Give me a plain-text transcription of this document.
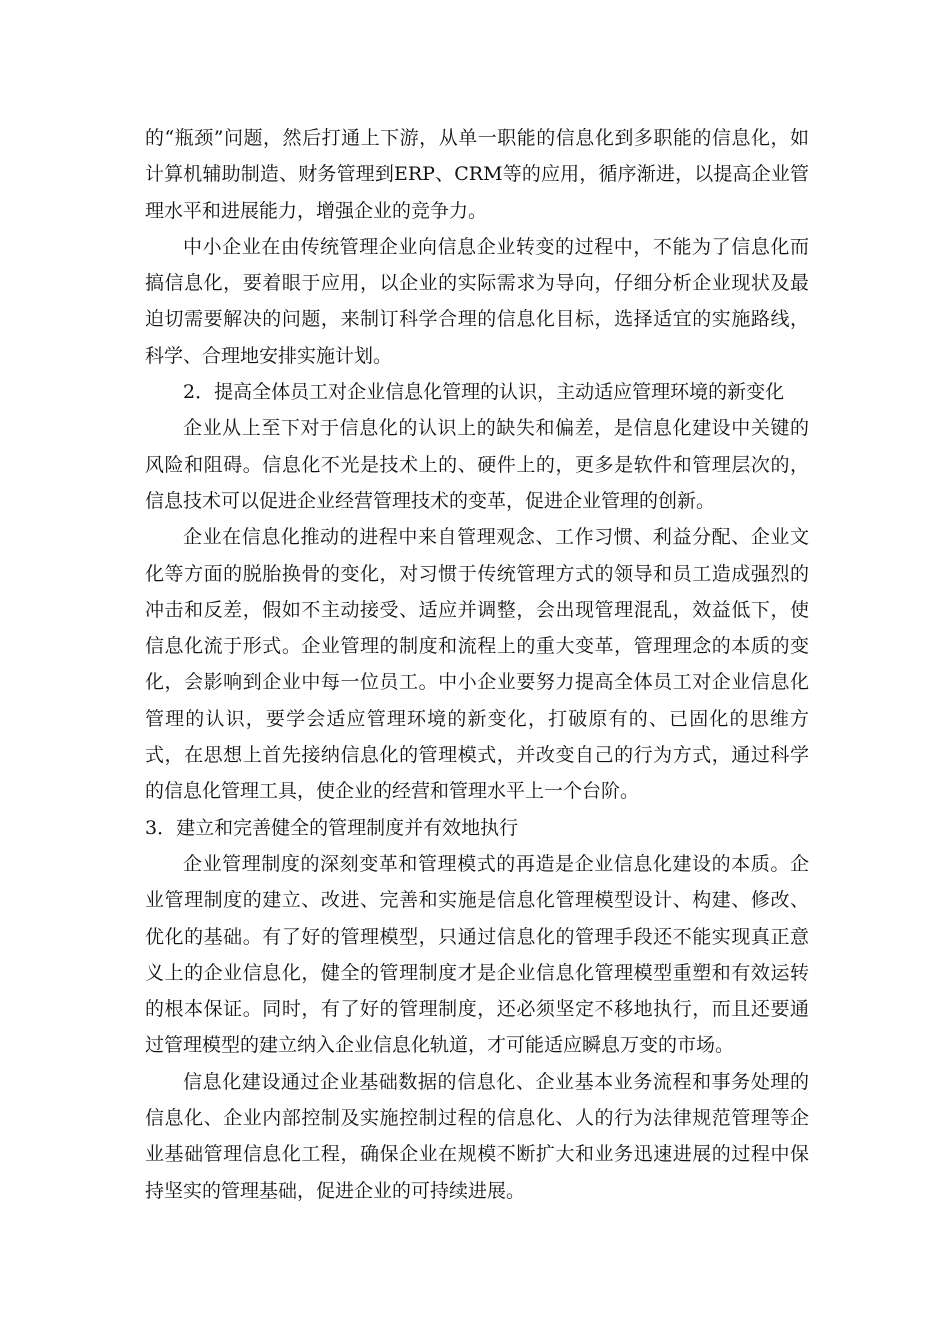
的“瓶颈”问题，然后打通上下游，从单一职能的信息化到多职能的信息化，如计算机辅助制造、财务管理到ERP、CRM等的应用，循序渐进，以提高企业管理水平和进展能力，增强企业的竞争力。

中小企业在由传统管理企业向信息企业转变的过程中，不能为了信息化而搞信息化，要着眼于应用，以企业的实际需求为导向，仔细分析企业现状及最迫切需要解决的问题，来制订科学合理的信息化目标，选择适宜的实施路线，科学、合理地安排实施计划。

2．提高全体员工对企业信息化管理的认识，主动适应管理环境的新变化

企业从上至下对于信息化的认识上的缺失和偏差，是信息化建设中关键的风险和阻碍。信息化不光是技术上的、硬件上的，更多是软件和管理层次的，信息技术可以促进企业经营管理技术的变革，促进企业管理的创新。

企业在信息化推动的进程中来自管理观念、工作习惯、利益分配、企业文化等方面的脱胎换骨的变化，对习惯于传统管理方式的领导和员工造成强烈的冲击和反差，假如不主动接受、适应并调整，会出现管理混乱，效益低下，使信息化流于形式。企业管理的制度和流程上的重大变革，管理理念的本质的变化，会影响到企业中每一位员工。中小企业要努力提高全体员工对企业信息化管理的认识，要学会适应管理环境的新变化，打破原有的、已固化的思维方式，在思想上首先接纳信息化的管理模式，并改变自己的行为方式，通过科学的信息化管理工具，使企业的经营和管理水平上一个台阶。

3．建立和完善健全的管理制度并有效地执行

企业管理制度的深刻变革和管理模式的再造是企业信息化建设的本质。企业管理制度的建立、改进、完善和实施是信息化管理模型设计、构建、修改、优化的基础。有了好的管理模型，只通过信息化的管理手段还不能实现真正意义上的企业信息化，健全的管理制度才是企业信息化管理模型重塑和有效运转的根本保证。同时，有了好的管理制度，还必须坚定不移地执行，而且还要通过管理模型的建立纳入企业信息化轨道，才可能适应瞬息万变的市场。

信息化建设通过企业基础数据的信息化、企业基本业务流程和事务处理的信息化、企业内部控制及实施控制过程的信息化、人的行为法律规范管理等企业基础管理信息化工程，确保企业在规模不断扩大和业务迅速进展的过程中保持坚实的管理基础，促进企业的可持续进展。
